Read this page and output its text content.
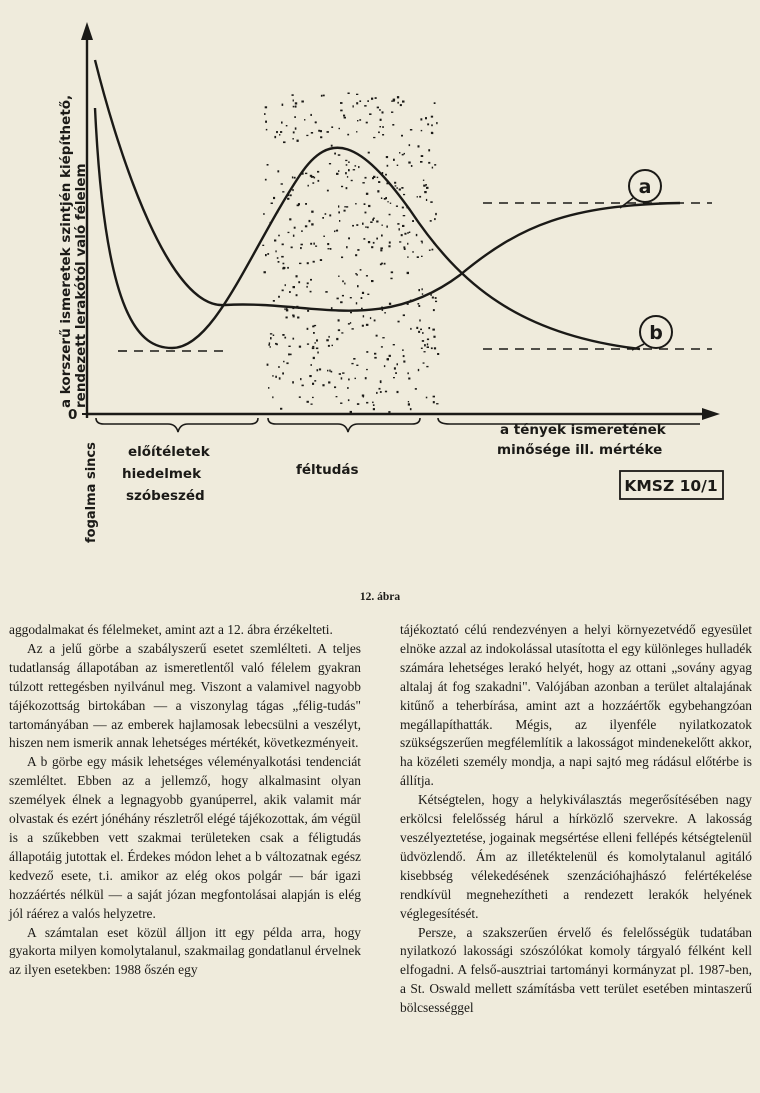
a
b
a korszerű ismeretek szintjén kiépíthető, rendezett lerakótól való félelem
0
fogalma sincs előítéletek
hiedelmek
szóbeszéd
féltudás
a tények ismeretének
minősége ill. mértéke
KMSZ 10/1
12. ábra

aggodalmakat és félelmeket, amint azt a 12. ábra érzékelteti.

Az a jelű görbe a szabályszerű esetet szemlélteti. A teljes tudatlanság állapotában az ismeretlentől való félelem gyakran túlzott rettegésben nyilvánul meg. Viszont a valamivel nagyobb tájékozottság birtokában — a viszonylag tágas „félig-tudás" tartományában — az emberek hajlamosak lebecsülni a veszélyt, hiszen nem ismerik annak lehetséges mértékét, következményeit.

A b görbe egy másik lehetséges véleményalkotási tendenciát szemléltet. Ebben az a jellemző, hogy alkalmasint olyan személyek élnek a legnagyobb gyanúperrel, akik valamit már olvastak és ezért jónéhány részletről elégé tájékozottak, ám végül is a szűkebben vett szakmai területeken csak a féligtudás állapotáig jutottak el. Érdekes módon lehet a b változatnak egész kedvező esete, t.i. amikor az elég okos polgár — bár igazi hozzáértés nélkül — a saját józan megfontolásai alapján is elég jól ráérez a valós helyzetre.

A számtalan eset közül álljon itt egy példa arra, hogy gyakorta milyen komolytalanul, szakmailag gondatlanul érvelnek az ilyen esetekben: 1988 őszén egy

tájékoztató célú rendezvényen a helyi környezetvédő egyesület elnöke azzal az indokolással utasította el egy különleges hulladék számára lehetséges lerakó helyét, hogy az ottani „sovány agyag altalaj át fog szakadni". Valójában azonban a terület altalajának kitűnő a teherbírása, amint azt a hozzáértők egybehangzóan megállapíthatták. Mégis, az ilyenféle nyilatkozatok szükségszerűen megfélemlítik a lakosságot mindenekelőtt akkor, ha közéleti személy mondja, a napi sajtó meg rádásul előtérbe is állítja.

Kétségtelen, hogy a helykiválasztás megerősítésében nagy erkölcsi felelősség hárul a hírközlő szervekre. A lakosság veszélyeztetése, jogainak megsértése elleni fellépés kétségtelenül üdvözlendő. Ám az illetéktelenül és komolytalanul agitáló kisebbség vélekedésének szenzációhajhászó felértékelése rendkívül megnehezítheti a rendezett lerakók helyének véglegesítését.

Persze, a szakszerűen érvelő és felelősségük tudatában nyilatkozó lakossági szószólókat komoly tárgyaló félként kell elfogadni. A felső-ausztriai tartományi kormányzat pl. 1987-ben, a St. Oswald mellett számításba vett terület esetében mintaszerű bölcsességgel
